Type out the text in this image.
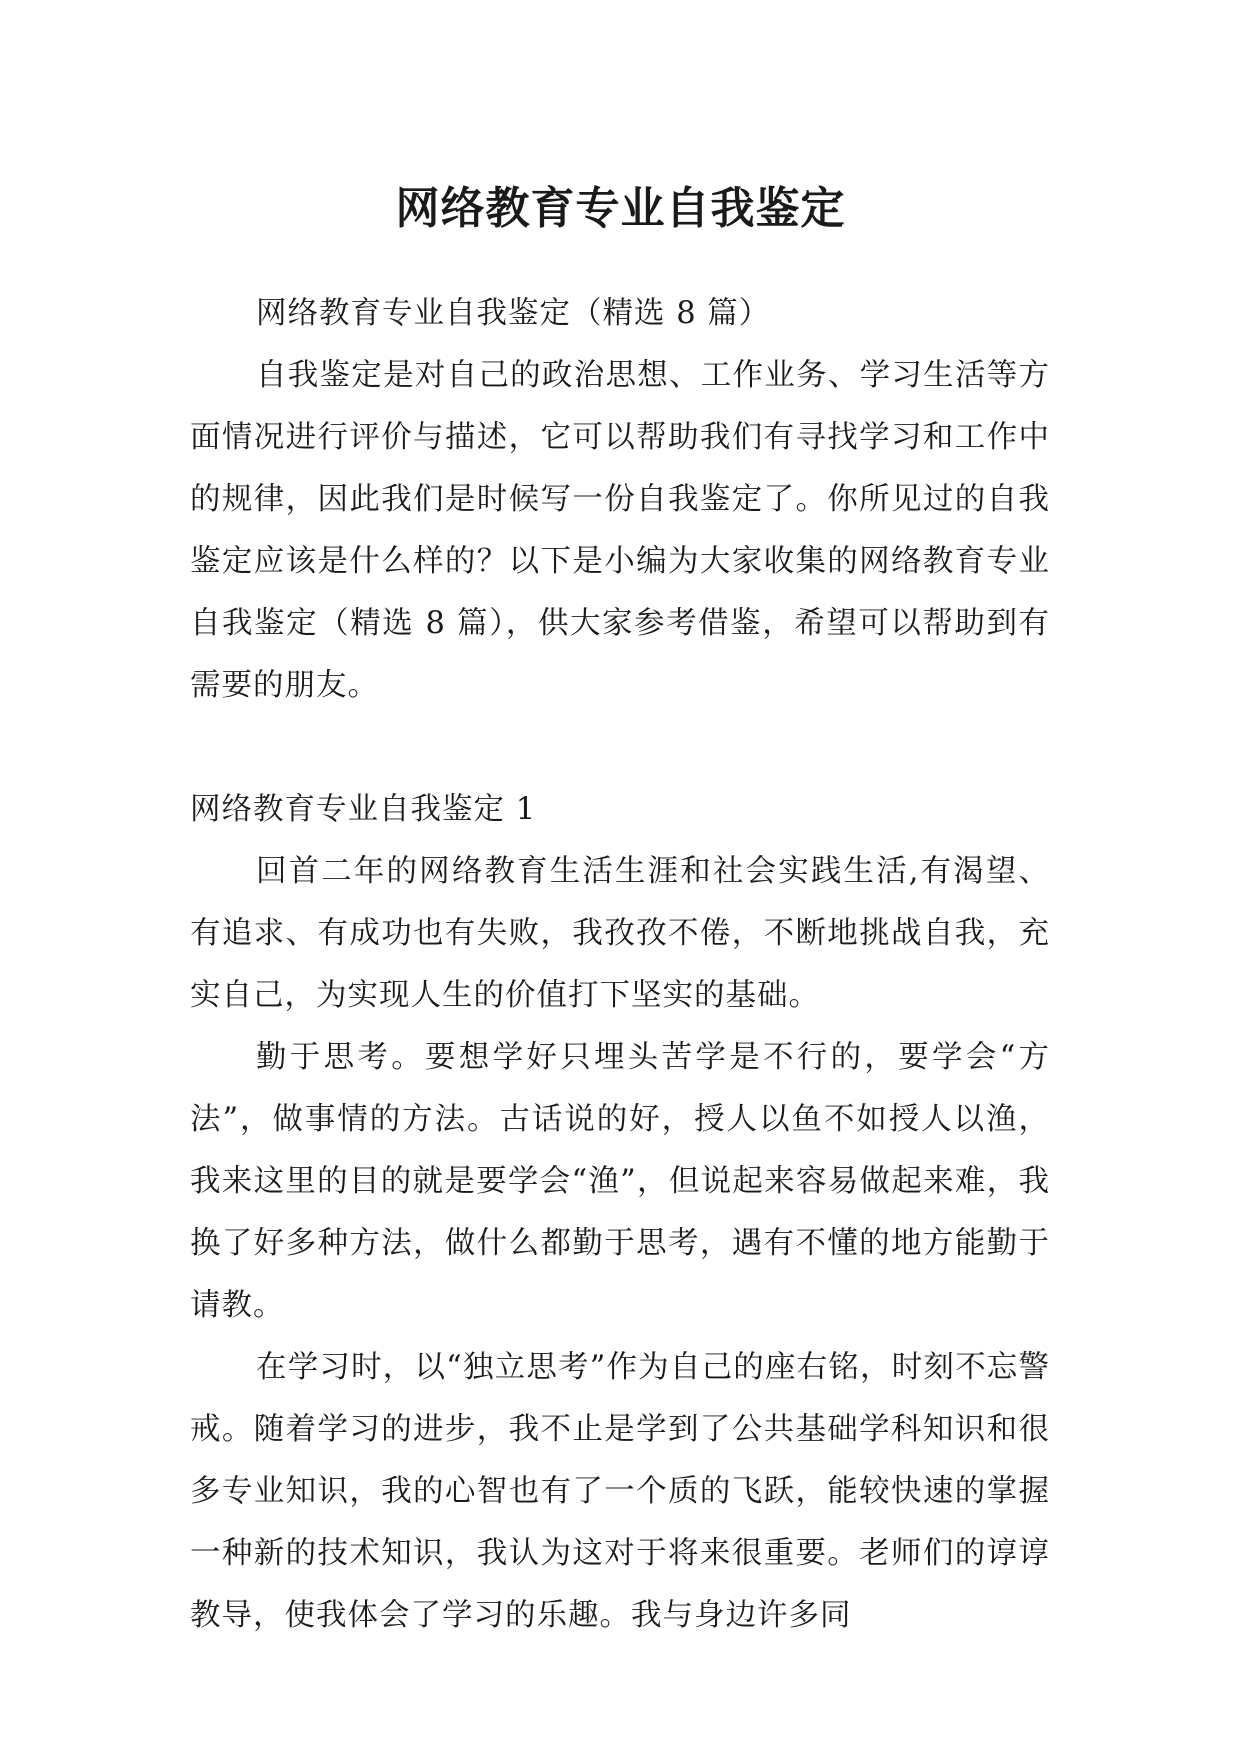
网络教育专业自我鉴定

网络教育专业自我鉴定（精选 8 篇）

自我鉴定是对自己的政治思想、工作业务、学习生活等方面情况进行评价与描述，它可以帮助我们有寻找学习和工作中的规律，因此我们是时候写一份自我鉴定了。你所见过的自我鉴定应该是什么样的？以下是小编为大家收集的网络教育专业自我鉴定（精选 8 篇），供大家参考借鉴，希望可以帮助到有需要的朋友。

网络教育专业自我鉴定 1

回首二年的网络教育生活生涯和社会实践生活,有渴望、有追求、有成功也有失败，我孜孜不倦，不断地挑战自我，充实自己，为实现人生的价值打下坚实的基础。

勤于思考。要想学好只埋头苦学是不行的，要学会“方法”，做事情的方法。古话说的好，授人以鱼不如授人以渔，我来这里的目的就是要学会“渔”，但说起来容易做起来难，我换了好多种方法，做什么都勤于思考，遇有不懂的地方能勤于请教。

在学习时，以“独立思考”作为自己的座右铭，时刻不忘警戒。随着学习的进步，我不止是学到了公共基础学科知识和很多专业知识，我的心智也有了一个质的飞跃，能较快速的掌握一种新的技术知识，我认为这对于将来很重要。老师们的谆谆教导，使我体会了学习的乐趣。我与身边许多同
